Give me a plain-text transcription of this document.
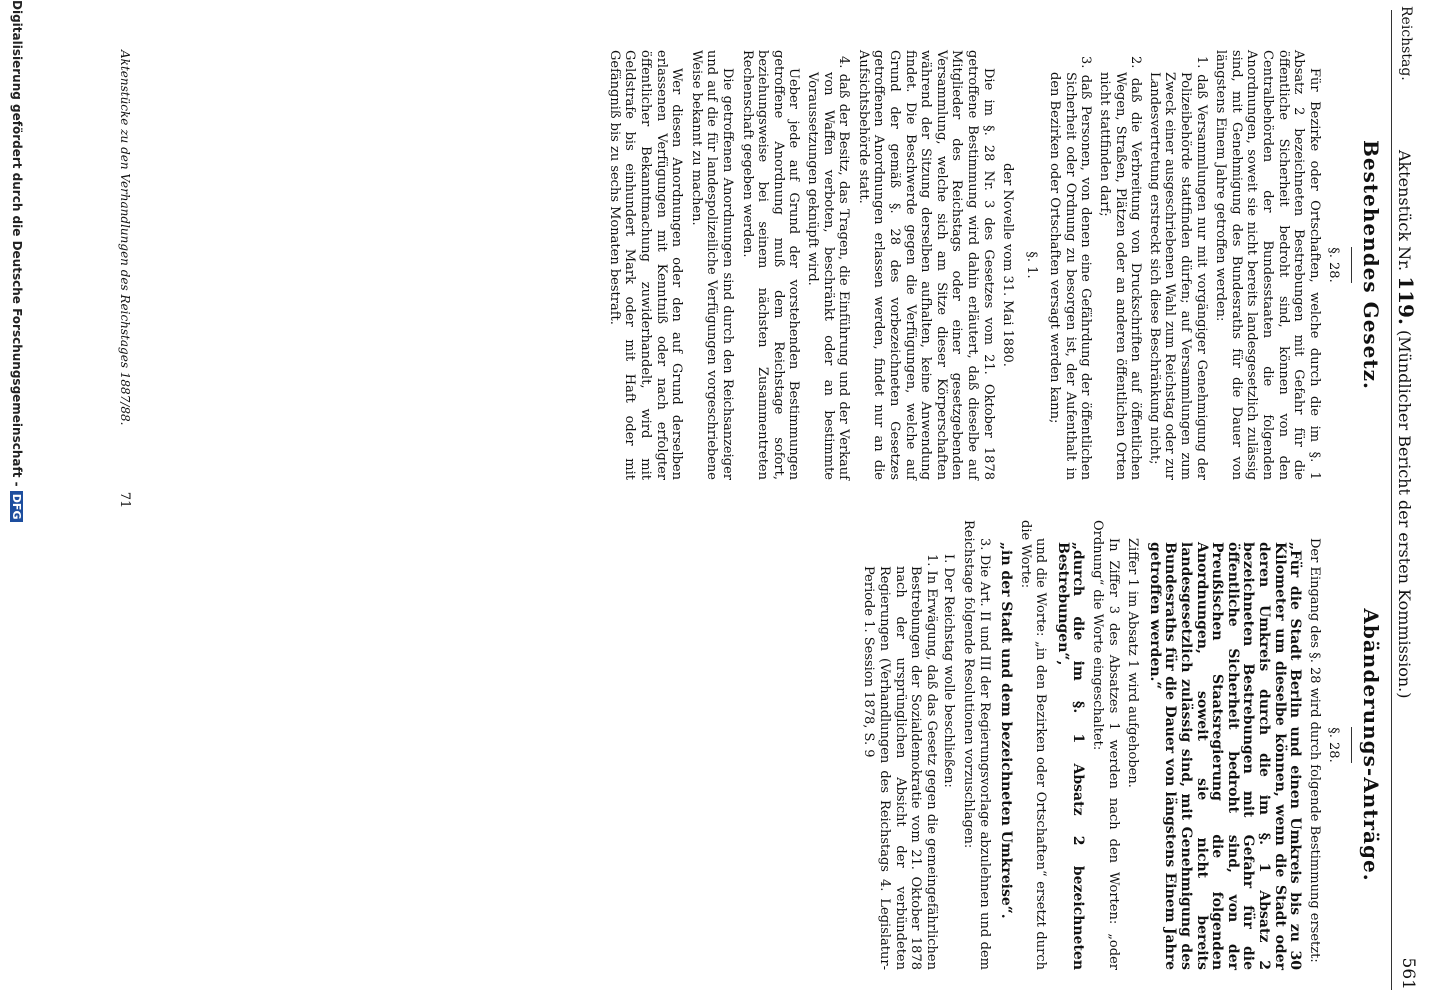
Reichstag.
Aktenstück Nr. 119. (Mündlicher Bericht der ersten Kommission.)
561
Bestehendes Gesetz.
§. 28.

Für Bezirke oder Ortschaften, welche durch die im §. 1 Absatz 2 bezeichneten Bestrebungen mit Gefahr für die öffentliche Sicherheit bedroht sind, können von den Centralbehörden der Bundesstaaten die folgenden Anordnungen, soweit sie nicht bereits landesgesetzlich zulässig sind, mit Genehmigung des Bundesraths für die Dauer von längstens Einem Jahre getroffen werden:

1. daß Versammlungen nur mit vorgängiger Genehmigung der Polizeibehörde stattfinden dürfen; auf Versammlungen zum Zweck einer ausgeschriebenen Wahl zum Reichstag oder zur Landesvertretung erstreckt sich diese Beschränkung nicht;
2. daß die Verbreitung von Druckschriften auf öffentlichen Wegen, Straßen, Plätzen oder an anderen öffentlichen Orten nicht stattfinden darf;
3. daß Personen, von denen eine Gefährdung der öffentlichen Sicherheit oder Ordnung zu besorgen ist, der Aufenthalt in den Bezirken oder Ortschaften versagt werden kann;
§. 1.
der Novelle vom 31. Mai 1880.

Die im §. 28 Nr. 3 des Gesetzes vom 21. Oktober 1878 getroffene Bestimmung wird dahin erläutert, daß dieselbe auf Mitglieder des Reichstags oder einer gesetzgebenden Versammlung, welche sich am Sitze dieser Körperschaften während der Sitzung derselben aufhalten, keine Anwendung findet. Die Beschwerde gegen die Verfügungen, welche auf Grund der gemäß §. 28 des vorbezeichneten Gesetzes getroffenen Anordnungen erlassen werden, findet nur an die Aufsichtsbehörde statt.

4. daß der Besitz, das Tragen, die Einführung und der Verkauf von Waffen verboten, beschränkt oder an bestimmte Voraussetzungen geknüpft wird.

Ueber jede auf Grund der vorstehenden Bestimmungen getroffene Anordnung muß dem Reichstage sofort, beziehungsweise bei seinem nächsten Zusammentreten Rechenschaft gegeben werden.

Die getroffenen Anordnungen sind durch den Reichsanzeiger und auf die für landespolizeiliche Verfügungen vorgeschriebene Weise bekannt zu machen.

Wer diesen Anordnungen oder den auf Grund derselben erlassenen Verfügungen mit Kenntniß oder nach erfolgter öffentlicher Bekanntmachung zuwiderhandelt, wird mit Geldstrafe bis einhundert Mark oder mit Haft oder mit Gefängniß bis zu sechs Monaten bestraft.

Abänderungs-Anträge.
§. 28.

Der Eingang des §. 28 wird durch folgende Bestimmung ersetzt:

„Für die Stadt Berlin und einen Umkreis bis zu 30 Kilometer um dieselbe können, wenn die Stadt oder deren Umkreis durch die im §. 1 Absatz 2 bezeichneten Bestrebungen mit Gefahr für die öffentliche Sicherheit bedroht sind, von der Preußischen Staatsregierung die folgenden Anordnungen, soweit sie nicht bereits landesgesetzlich zulässig sind, mit Genehmigung des Bundesraths für die Dauer von längstens Einem Jahre getroffen werden.“

Ziffer 1 im Absatz 1 wird aufgehoben.

In Ziffer 3 des Absatzes 1 werden nach den Worten: „oder Ordnung“ die Worte eingeschaltet:

„durch die im §. 1 Absatz 2 bezeichneten Bestrebungen“,

und die Worte: „in den Bezirken oder Ortschaften“ ersetzt durch die Worte:

„in der Stadt und dem bezeichneten Umkreise“.

3. Die Art. II und III der Regierungsvorlage abzulehnen und dem Reichstage folgende Resolutionen vorzuschlagen:

I. Der Reichstag wolle beschließen:
1. In Erwägung, daß das Gesetz gegen die gemeingefährlichen Bestrebungen der Sozialdemokratie vom 21. Oktober 1878 nach der ursprünglichen Absicht der verbündeten Regierungen (Verhandlungen des Reichstags 4. Legislatur-Periode 1. Session 1878, S. 9
Aktenstücke zu den Verhandlungen des Reichstages 1887/88.
71
Digitalisierung gefördert durch die Deutsche Forschungsgemeinschaft - DFG
